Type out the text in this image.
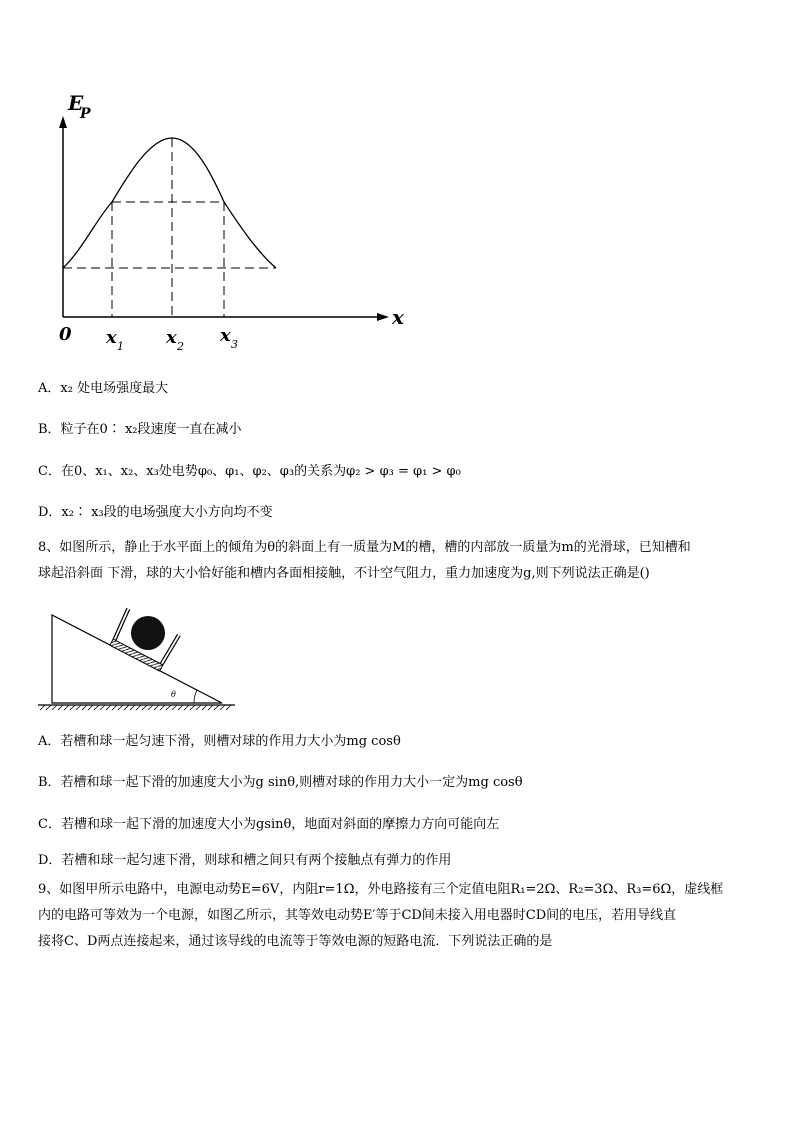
E
P
x
0 x 1 x 2
x 3
A．x₂ 处电场强度最大
B．粒子在0∶ x₂段速度一直在减小
C．在0、x₁、x₂、x₃处电势φ₀、φ₁、φ₂、φ₃的关系为φ₂ > φ₃ = φ₁ > φ₀
D．x₂∶ x₃段的电场强度大小方向均不变
8、如图所示，静止于水平面上的倾角为θ的斜面上有一质量为M的槽，槽的内部放一质量为m的光滑球，已知槽和
球起沿斜面 下滑，球的大小恰好能和槽内各面相接触，不计空气阻力，重力加速度为g,则下列说法正确是()
θ
A．若槽和球一起匀速下滑，则槽对球的作用力大小为mg cosθ
B．若槽和球一起下滑的加速度大小为g sinθ,则槽对球的作用力大小一定为mg cosθ
C．若槽和球一起下滑的加速度大小为gsinθ，地面对斜面的摩擦力方向可能向左
D．若槽和球一起匀速下滑，则球和槽之间只有两个接触点有弹力的作用
9、如图甲所示电路中，电源电动势E=6V，内阻r=1Ω，外电路接有三个定值电阻R₁=2Ω、R₂=3Ω、R₃=6Ω，虚线框
内的电路可等效为一个电源，如图乙所示，其等效电动势E′等于CD间未接入用电器时CD间的电压，若用导线直
接将C、D两点连接起来，通过该导线的电流等于等效电源的短路电流．下列说法正确的是
